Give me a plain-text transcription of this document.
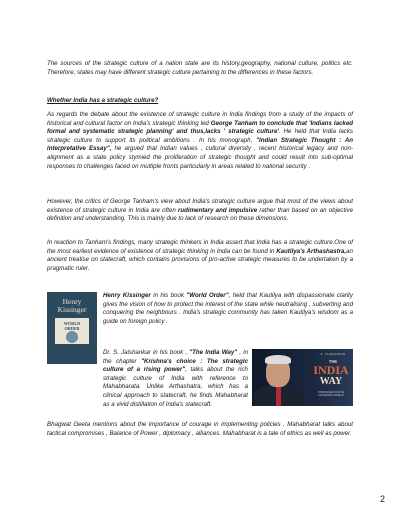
The sources of the strategic culture of a nation state are its history,geography, national culture, politics etc. Therefore, states may have different strategic culture pertaining to the differences in these factors.

Whether India has a strategic culture?

As regards the debate about the existence of strategic culture in India findings from a study of the impacts of historical and cultural factor on India's strategic thinking led George Tanham to conclude that 'Indians lacked formal and systematic strategic planning' and thus,lacks ' strategic culture'. He held that India lacks strategic culture to support its political ambitions . In his monograph, "Indian Strategic Thought : An interpretative Essay", he argued that Indian values , cultural diversity , recent historical legacy and non-alignment as a state policy stymied the proliferation of strategic thought and could result into sub-optimal responses to challenges faced on multiple fronts particularly in areas related to national security .

However, the critics of George Tanham's view about India's strategic culture argue that most of the views about existence of strategic culture in India are often rudimentary and impulsive rather than based on an objective definition and understanding. This is mainly due to lack of research on these dimensions.

In reaction to Tanham's findings, many strategic thinkers in India assert that India has a strategic culture.One of the most earliest evidence of existence of strategic thinking in India can be found in Kautilya's Arthashastra,an ancient treatise on statecraft, which contains provisions of pro-active strategic measures to be undertaken by a pragmatic ruler.

Henry
Kissinger
WORLD
ORDER

Henry Kissinger in his book "World Order", held that Kautilya with dispassionate clarity gives the vision of how to protect the interest of the state while neutralising , subverting and conquering the neighbours . India's strategic community has taken Kautilya's wisdom as a guide on foreign policy .

S. JAISHANKAR
THE
INDIA
WAY
STRATEGIES FOR AN UNCERTAIN WORLD

Dr. S. Jaishankar in his book , "The India Way" , in the chapter "Krishna's choice : The strategic culture of a rising power", talks about the rich strategic culture of India with reference to Mahabharata. Unlike Arthashatra, which has a clinical approach to statecraft, he finds Mahabharat as a vivid distillation of India's statecraft.

Bhagwat Geeta mentions about the importance of courage in implementing policies . Mahabharat talks about tactical compromises , Balance of Power , diplomacy , alliances. Mahabharat is a tale of ethics as well as power.

2
